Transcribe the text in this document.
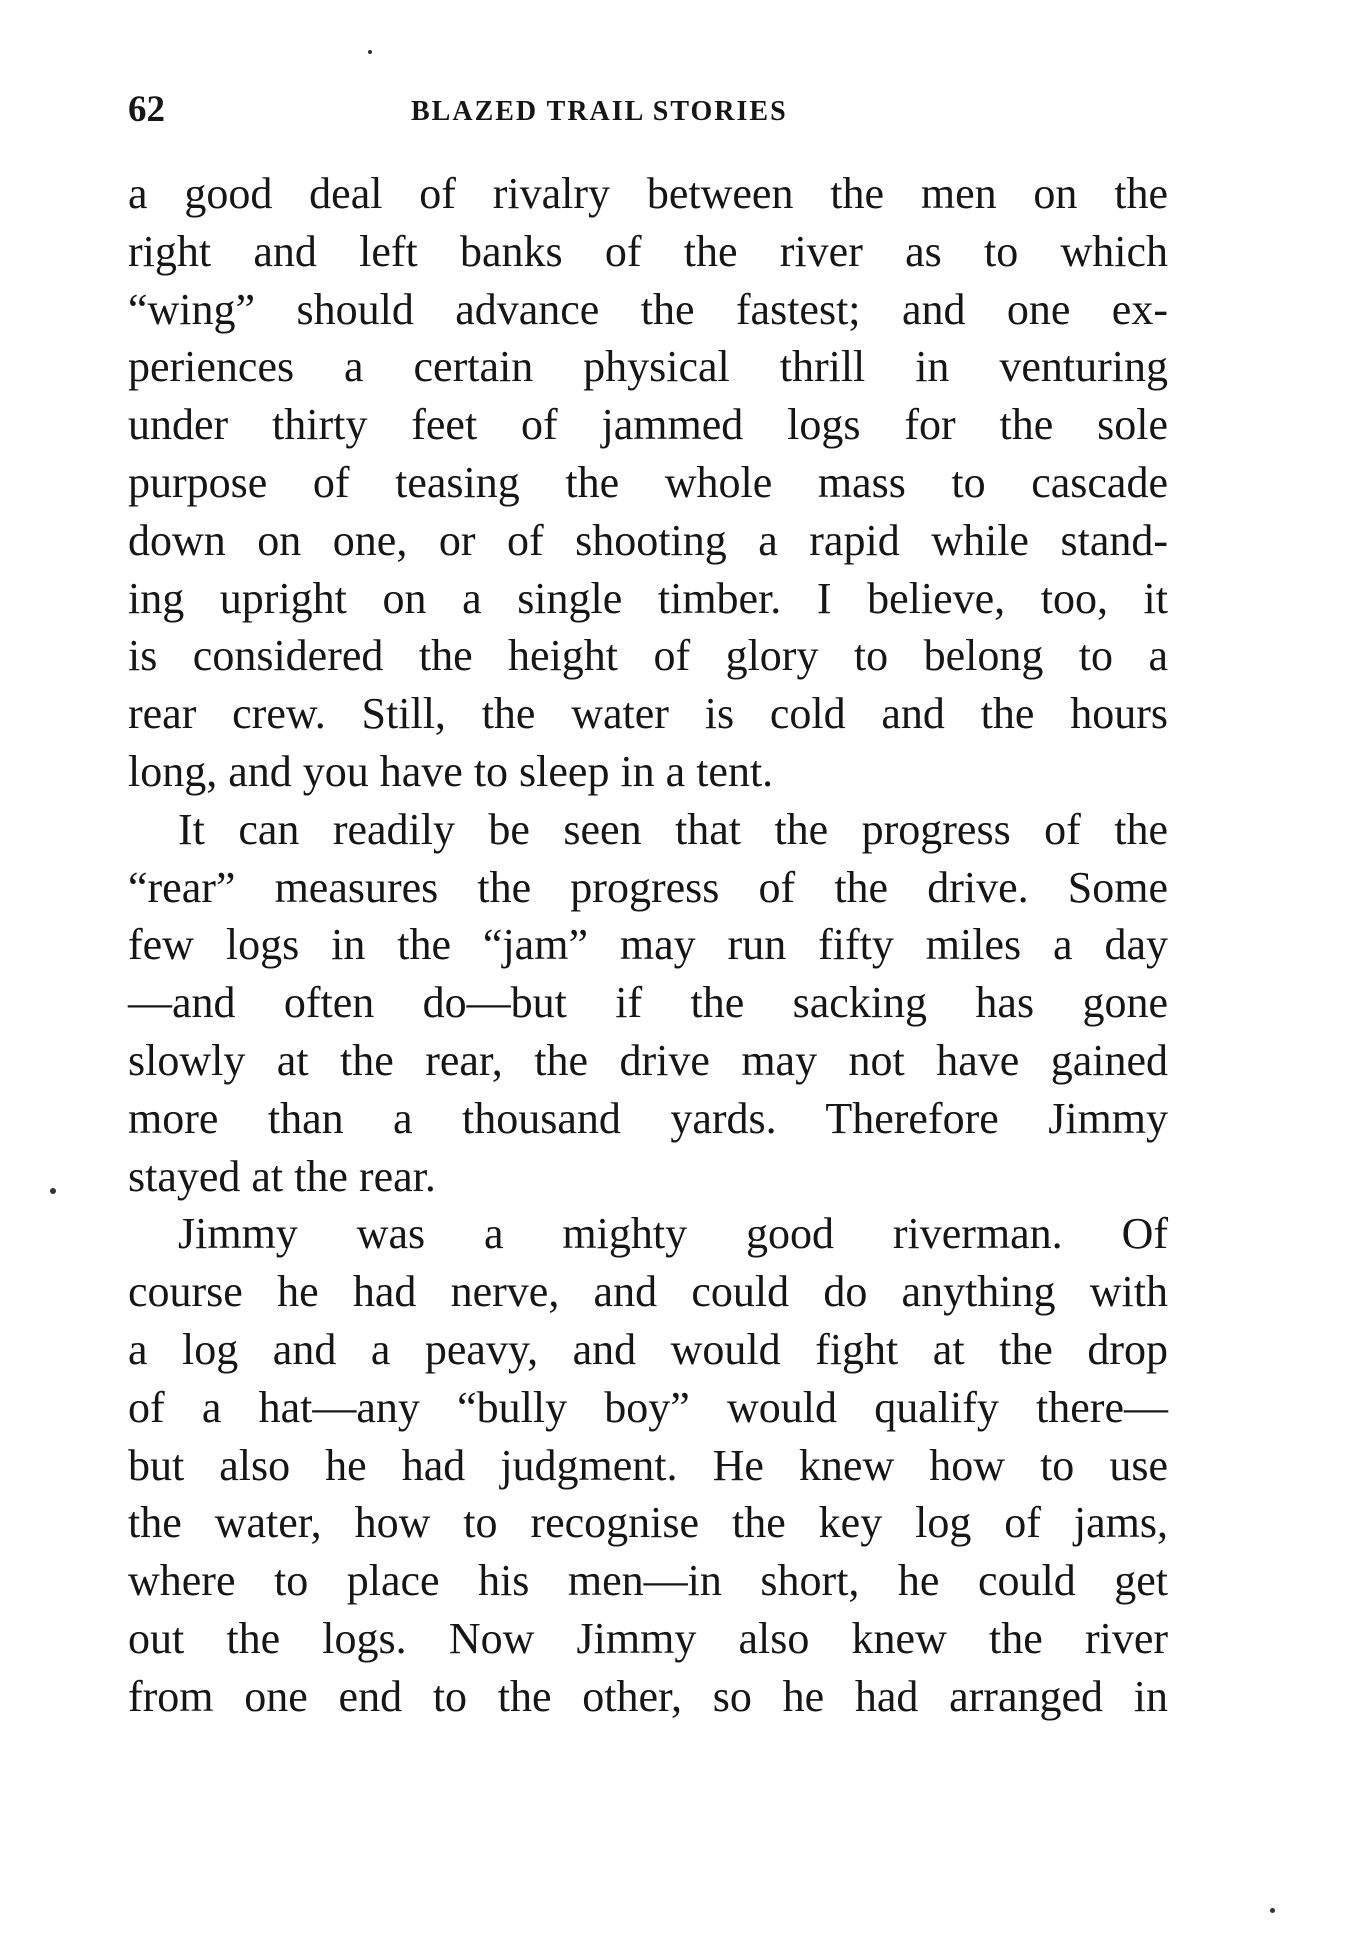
62	BLAZED TRAIL STORIES
a good deal of rivalry between the men on the
right and left banks of the river as to which
“wing” should advance the fastest; and one ex-
periences a certain physical thrill in venturing
under thirty feet of jammed logs for the sole
purpose of teasing the whole mass to cascade
down on one, or of shooting a rapid while stand-
ing upright on a single timber. I believe, too, it
is considered the height of glory to belong to a
rear crew. Still, the water is cold and the hours
long, and you have to sleep in a tent.
It can readily be seen that the progress of the
“rear” measures the progress of the drive. Some
few logs in the “jam” may run fifty miles a day
—and often do—but if the sacking has gone
slowly at the rear, the drive may not have gained
more than a thousand yards. Therefore Jimmy
stayed at the rear.
Jimmy was a mighty good riverman. Of
course he had nerve, and could do anything with
a log and a peavy, and would fight at the drop
of a hat—any “bully boy” would qualify there—
but also he had judgment. He knew how to use
the water, how to recognise the key log of jams,
where to place his men—in short, he could get
out the logs. Now Jimmy also knew the river
from one end to the other, so he had arranged in
